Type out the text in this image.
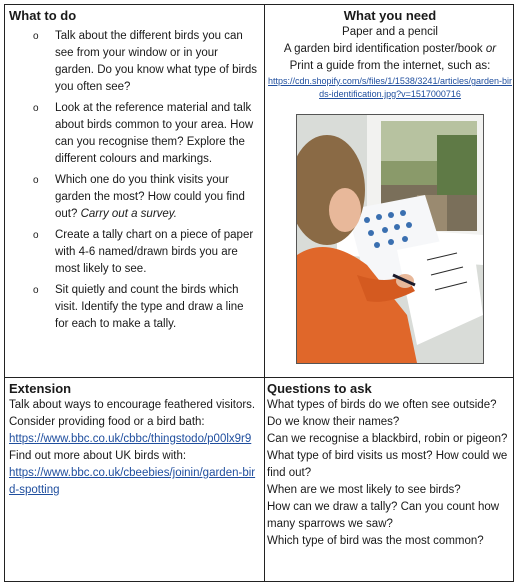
What to do
o Talk about the different birds you can see from your window or in your garden. Do you know what type of birds you often see?
o Look at the reference material and talk about birds common to your area. How can you recognise them? Explore the different colours and markings.
o Which one do you think visits your garden the most? How could you find out? Carry out a survey.
o Create a tally chart on a piece of paper with 4-6 named/drawn birds you are most likely to see.
o Sit quietly and count the birds which visit. Identify the type and draw a line for each to make a tally.
What you need
Paper and a pencil
A garden bird identification poster/book or
Print a guide from the internet, such as:
https://cdn.shopify.com/s/files/1/1538/3241/articles/garden-birds-identification.jpg?v=1517000716
Extension
Talk about ways to encourage feathered visitors. Consider providing food or a bird bath:
https://www.bbc.co.uk/cbbc/thingstodo/p00lx9r9
Find out more about UK birds with:
https://www.bbc.co.uk/cbeebies/joinin/garden-bird-spotting
Questions to ask
What types of birds do we often see outside?
Do we know their names?
Can we recognise a blackbird, robin or pigeon?
What type of bird visits us most? How could we find out?
When are we most likely to see birds?
How can we draw a tally? Can you count how many sparrows we saw?
Which type of bird was the most common?
